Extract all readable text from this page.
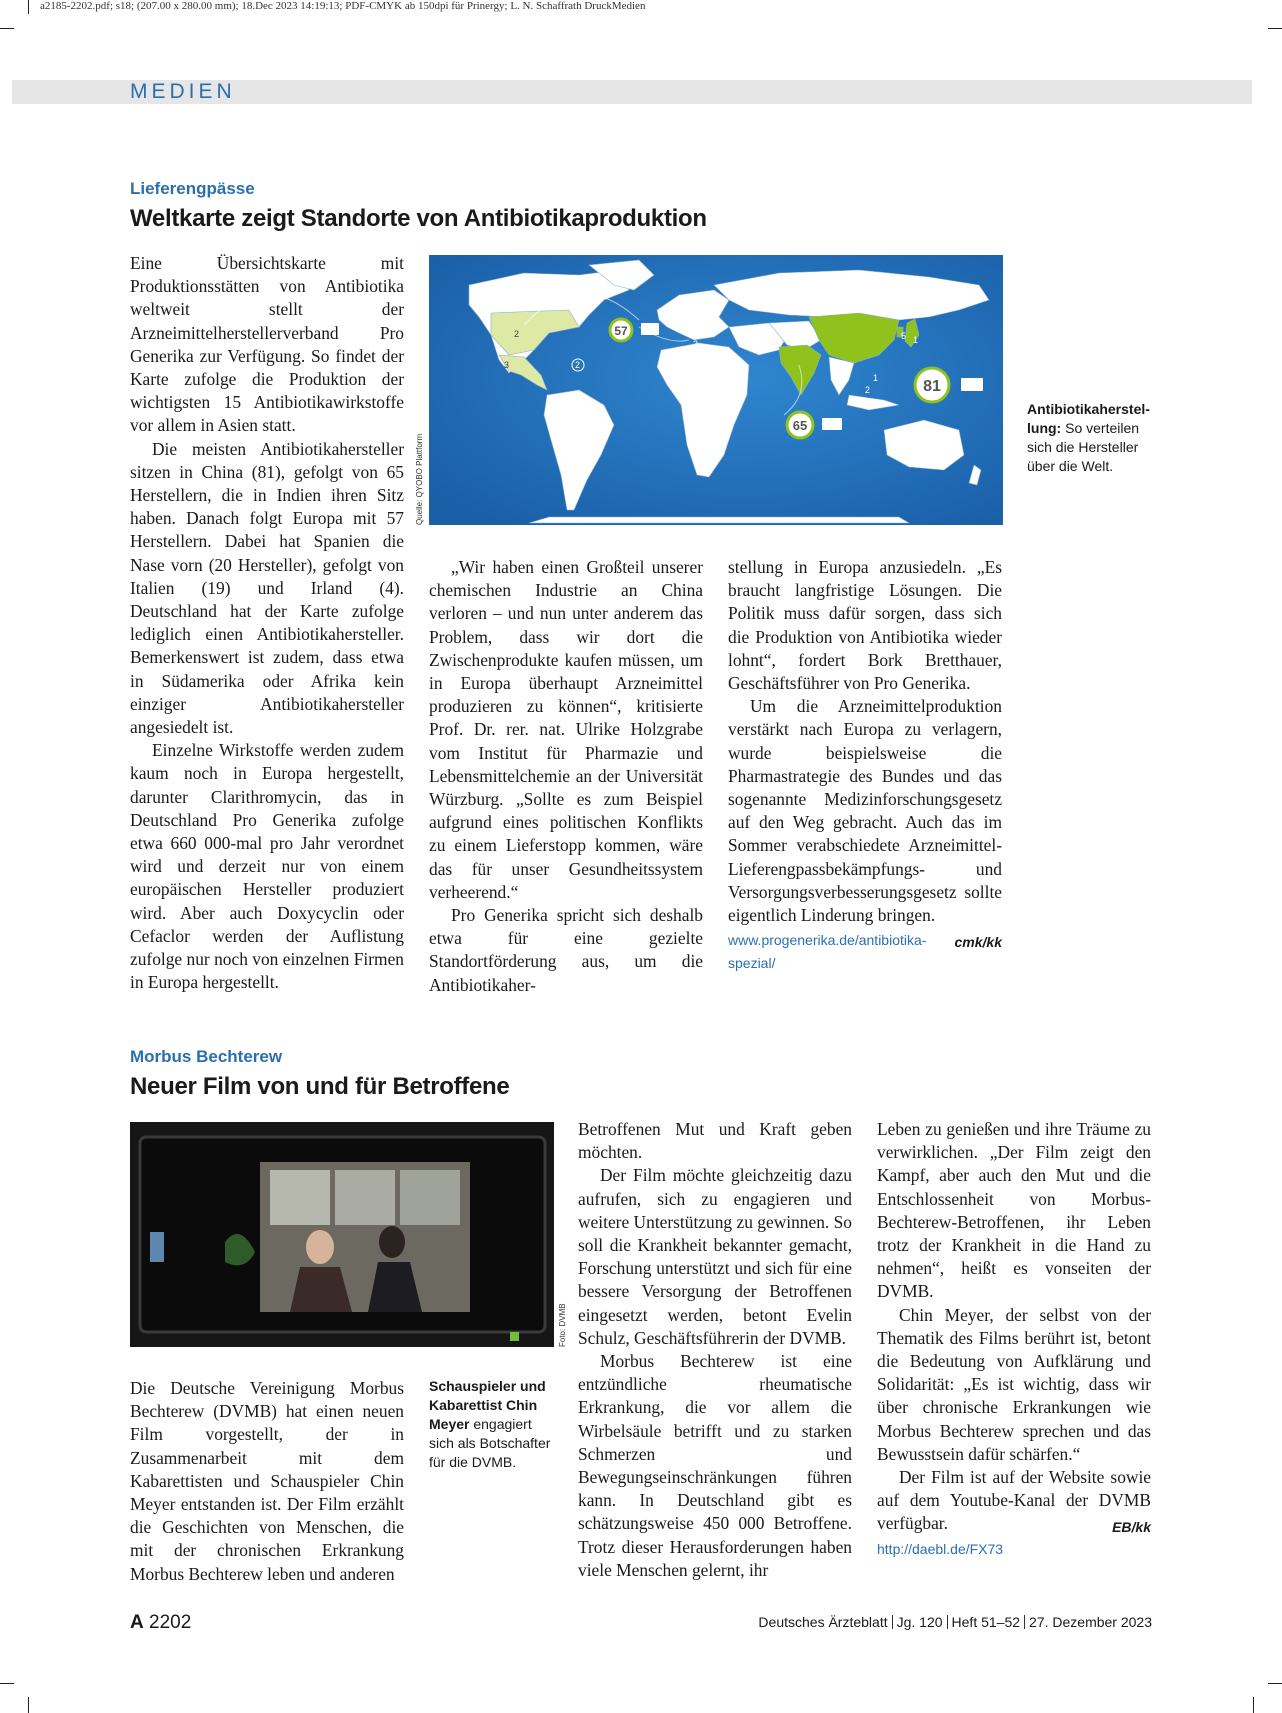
a2185-2202.pdf; s18; (207.00 x 280.00 mm); 18.Dec 2023 14:19:13; PDF-CMYK ab 150dpi für Prinergy; L. N. Schaffrath DruckMedien
MEDIEN
Lieferengpässe
Weltkarte zeigt Standorte von Antibiotikaproduktion

Eine Übersichtskarte mit Produktionsstätten von Antibiotika weltweit stellt der Arzneimittelherstellerverband Pro Generika zur Verfügung. So findet der Karte zufolge die Produktion der wichtigsten 15 Antibiotikawirkstoffe vor allem in Asien statt.

Die meisten Antibiotikahersteller sitzen in China (81), gefolgt von 65 Herstellern, die in Indien ihren Sitz haben. Danach folgt Europa mit 57 Herstellern. Dabei hat Spanien die Nase vorn (20 Hersteller), gefolgt von Italien (19) und Irland (4). Deutschland hat der Karte zufolge lediglich einen Antibiotikahersteller. Bemerkenswert ist zudem, dass etwa in Südamerika oder Afrika kein einziger Antibiotikahersteller angesiedelt ist.

Einzelne Wirkstoffe werden zudem kaum noch in Europa hergestellt, darunter Clarithromycin, das in Deutschland Pro Generika zufolge etwa 660 000-mal pro Jahr verordnet wird und derzeit nur von einem europäischen Hersteller produziert wird. Aber auch Doxycyclin oder Cefaclor werden der Auflistung zufolge nur noch von einzelnen Firmen in Europa hergestellt.

Quelle: QYOBO Plattform
57
81
65
2
3	2
3
5 1
1
2
Antibiotikaherstel-lung: So verteilen sich die Hersteller über die Welt.

„Wir haben einen Großteil unserer chemischen Industrie an China verloren – und nun unter anderem das Problem, dass wir dort die Zwischenprodukte kaufen müssen, um in Europa überhaupt Arzneimittel produzieren zu können“, kritisierte Prof. Dr. rer. nat. Ulrike Holzgrabe vom Institut für Pharmazie und Lebensmittelchemie an der Universität Würzburg. „Sollte es zum Beispiel aufgrund eines politischen Konflikts zu einem Lieferstopp kommen, wäre das für unser Gesundheitssystem verheerend.“

Pro Generika spricht sich deshalb etwa für eine gezielte Standortförderung aus, um die Antibiotikaher-

stellung in Europa anzusiedeln. „Es braucht langfristige Lösungen. Die Politik muss dafür sorgen, dass sich die Produktion von Antibiotika wieder lohnt“, fordert Bork Bretthauer, Geschäftsführer von Pro Generika.

Um die Arzneimittelproduktion verstärkt nach Europa zu verlagern, wurde beispielsweise die Pharmastrategie des Bundes und das sogenannte Medizinforschungsgesetz auf den Weg gebracht. Auch das im Sommer verabschiedete Arzneimittel-Lieferengpassbekämpfungs- und Versorgungsverbesserungsgesetz sollte eigentlich Linderung bringen.
cmk/kk

www.progenerika.de/antibiotika-spezial/
Morbus Bechterew
Neuer Film von und für Betroffene
Foto: DVMB
Schauspieler und Kabarettist Chin Meyer engagiert sich als Botschafter für die DVMB.

Die Deutsche Vereinigung Morbus Bechterew (DVMB) hat einen neuen Film vorgestellt, der in Zusammenarbeit mit dem Kabarettisten und Schauspieler Chin Meyer entstanden ist. Der Film erzählt die Geschichten von Menschen, die mit der chronischen Erkrankung Morbus Bechterew leben und anderen

Betroffenen Mut und Kraft geben möchten.

Der Film möchte gleichzeitig dazu aufrufen, sich zu engagieren und weitere Unterstützung zu gewinnen. So soll die Krankheit bekannter gemacht, Forschung unterstützt und sich für eine bessere Versorgung der Betroffenen eingesetzt werden, betont Evelin Schulz, Geschäftsführerin der DVMB.

Morbus Bechterew ist eine entzündliche rheumatische Erkrankung, die vor allem die Wirbelsäule betrifft und zu starken Schmerzen und Bewegungseinschränkungen führen kann. In Deutschland gibt es schätzungsweise 450 000 Betroffene. Trotz dieser Herausforderungen haben viele Menschen gelernt, ihr

Leben zu genießen und ihre Träume zu verwirklichen. „Der Film zeigt den Kampf, aber auch den Mut und die Entschlossenheit von Morbus-Bechterew-Betroffenen, ihr Leben trotz der Krankheit in die Hand zu nehmen“, heißt es vonseiten der DVMB.

Chin Meyer, der selbst von der Thematik des Films berührt ist, betont die Bedeutung von Aufklärung und Solidarität: „Es ist wichtig, dass wir über chronische Erkrankungen wie Morbus Bechterew sprechen und das Bewusstsein dafür schärfen.“

Der Film ist auf der Website sowie auf dem Youtube-Kanal der DVMB verfügbar.	EB/kk

http://daebl.de/FX73
A 2202	Deutsches Ärzteblatt Jg. 120 Heft 51–52 27. Dezember 2023
